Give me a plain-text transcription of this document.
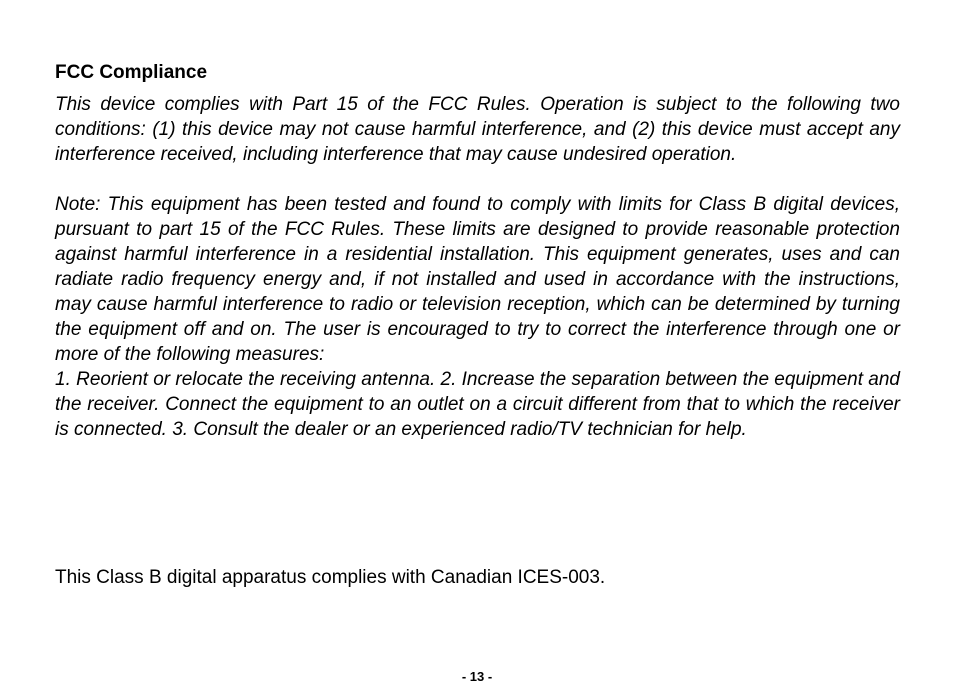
FCC Compliance

This device complies with Part 15 of the FCC Rules. Operation is subject to the following two conditions: (1) this device may not cause harmful interference, and (2) this device must accept any interference received, including interference that may cause undesired operation.

Note: This equipment has been tested and found to comply with limits for Class B digital devices, pursuant to part 15 of the FCC Rules. These limits are designed to provide reasonable protection against harmful interference in a residential installation. This equipment generates, uses and can radiate radio frequency energy and, if not installed and used in accordance with the instructions, may cause harmful interference to radio or television reception, which can be determined by turning the equipment off and on. The user is encouraged to try to correct the interference through one or more of the following measures:

1. Reorient or relocate the receiving antenna. 2. Increase the separation between the equipment and the receiver. Connect the equipment to an outlet on a circuit different from that to which the receiver is connected. 3. Consult the dealer or an experienced radio/TV technician for help.

This Class B digital apparatus complies with Canadian ICES-003.

- 13 -
